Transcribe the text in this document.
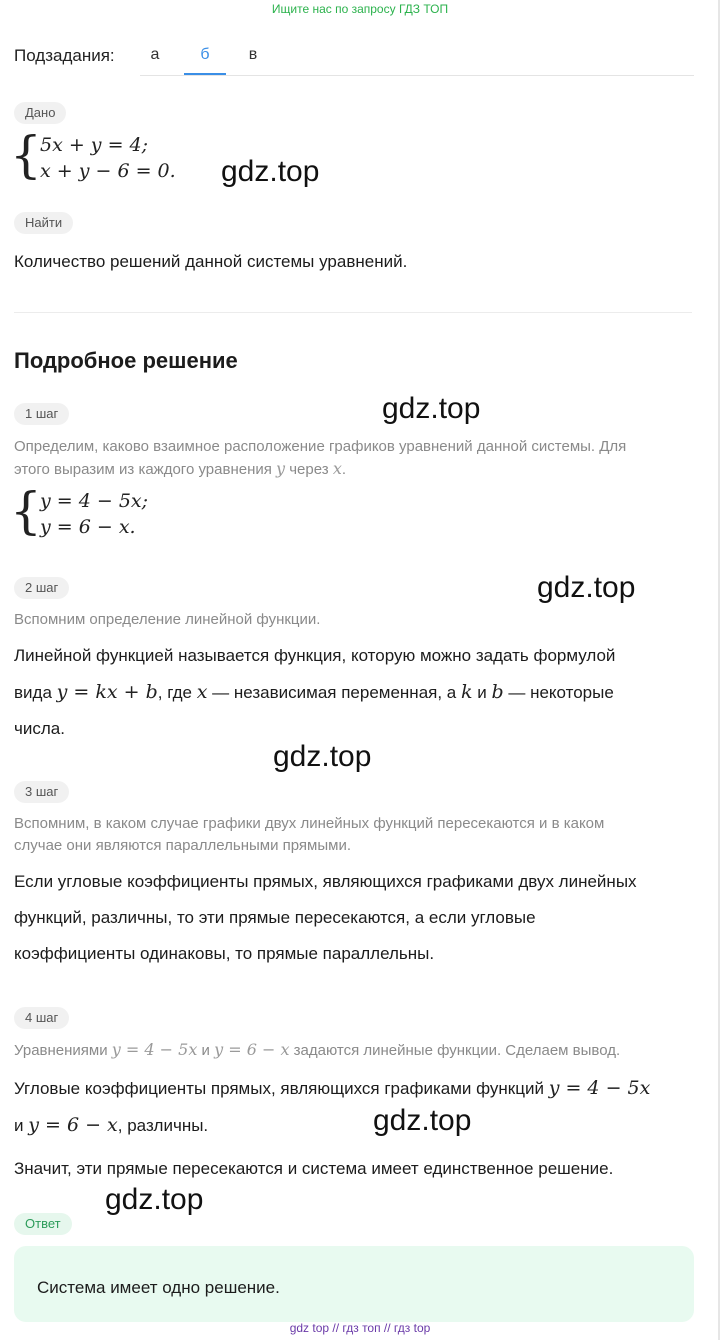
Ищите нас по запросу ГДЗ ТОП
Подзадания:	а	б	в
Дано
{
5x + y = 4;
x + y − 6 = 0. gdz.top
Найти
Количество решений данной системы уравнений.
Подробное решение
1 шаг	gdz.top
Определим, каково взаимное расположение графиков уравнений данной системы. Для
этого выразим из каждого уравнения y через x.
{
y = 4 − 5x;
y = 6 − x.
2 шаг	gdz.top
Вспомним определение линейной функции.
Линейной функцией называется функция, которую можно задать формулой
вида y = kx + b, где x — независимая переменная, а k и b — некоторые
числа.
gdz.top
3 шаг
Вспомним, в каком случае графики двух линейных функций пересекаются и в каком
случае они являются параллельными прямыми.
Если угловые коэффициенты прямых, являющихся графиками двух линейных
функций, различны, то эти прямые пересекаются, а если угловые
коэффициенты одинаковы, то прямые параллельны.
4 шаг
Уравнениями y = 4 − 5x и y = 6 − x задаются линейные функции. Сделаем вывод.
Угловые коэффициенты прямых, являющихся графиками функций y = 4 − 5x
и y = 6 − x, различны.	gdz.top
Значит, эти прямые пересекаются и система имеет единственное решение.
gdz.top
Ответ
Система имеет одно решение.
gdz top // гдз топ // гдз top
